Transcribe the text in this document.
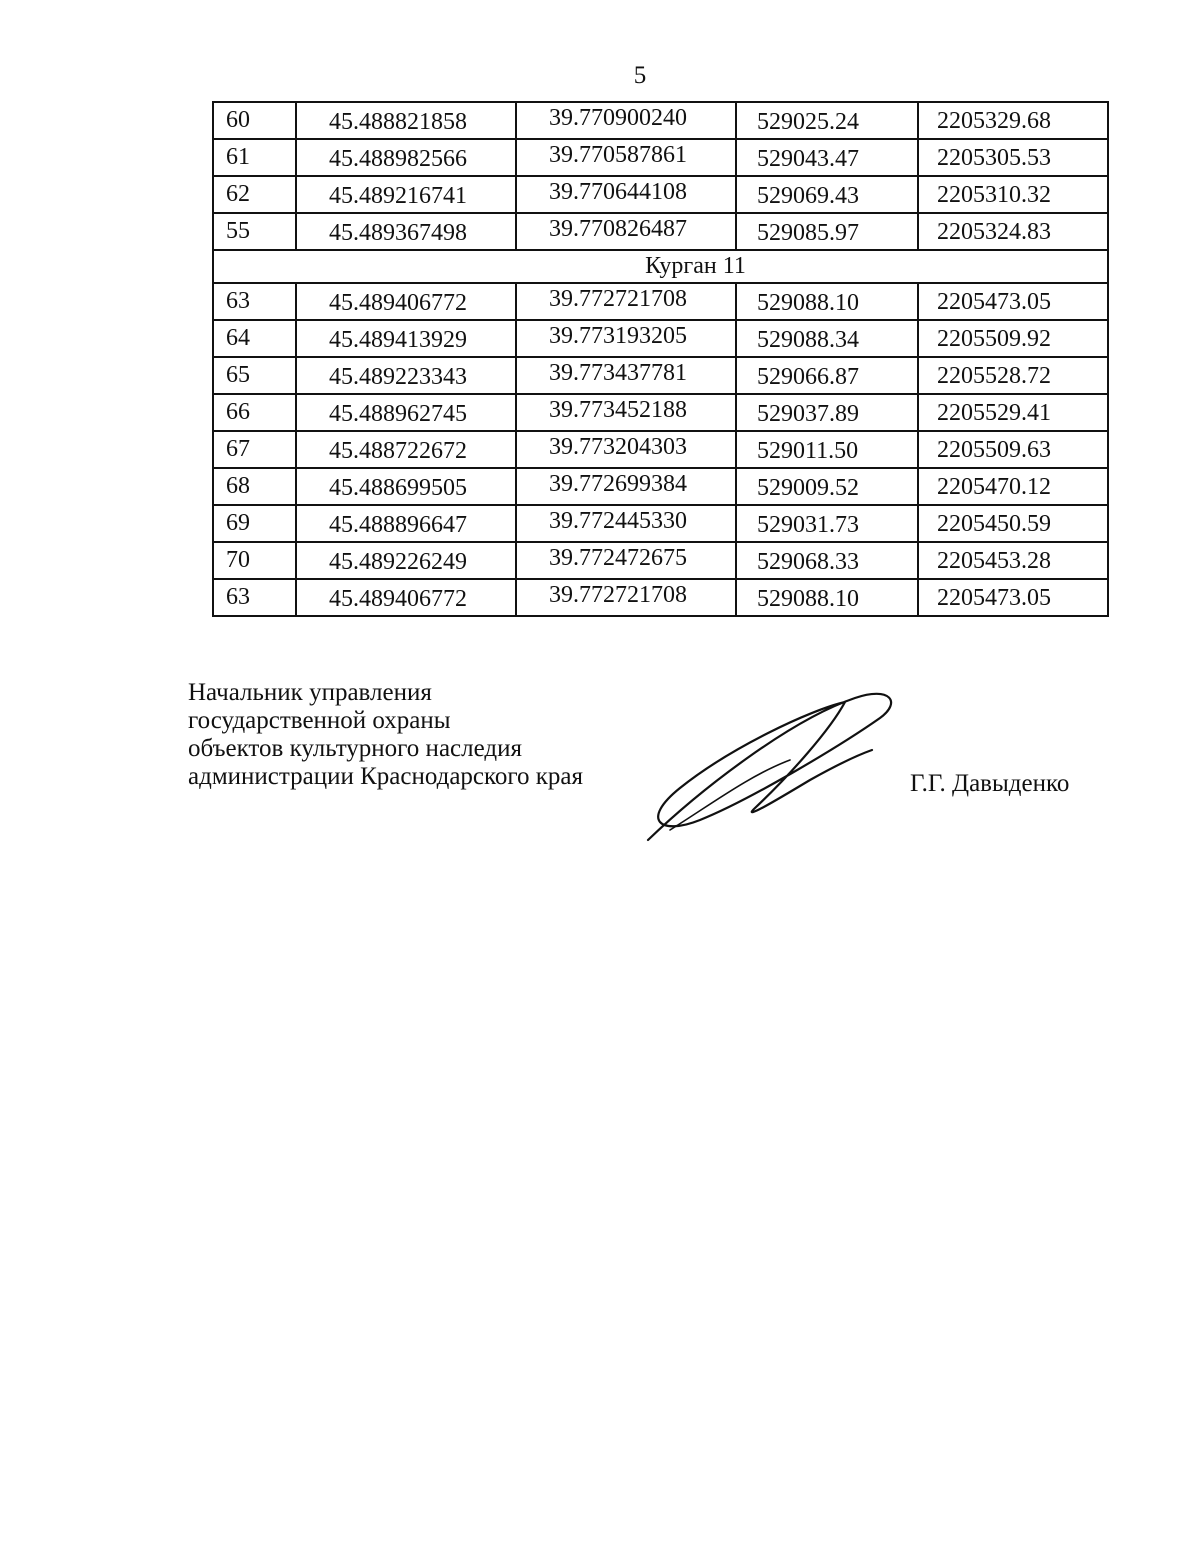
5
60	45.488821858	39.770900240	529025.24	2205329.68
61	45.488982566	39.770587861	529043.47	2205305.53
62	45.489216741	39.770644108	529069.43	2205310.32
55	45.489367498	39.770826487	529085.97	2205324.83
Курган 11				
63	45.489406772	39.772721708	529088.10	2205473.05
64	45.489413929	39.773193205	529088.34	2205509.92
65	45.489223343	39.773437781	529066.87	2205528.72
66	45.488962745	39.773452188	529037.89	2205529.41
67	45.488722672	39.773204303	529011.50	2205509.63
68	45.488699505	39.772699384	529009.52	2205470.12
69	45.488896647	39.772445330	529031.73	2205450.59
70	45.489226249	39.772472675	529068.33	2205453.28
63	45.489406772	39.772721708	529088.10	2205473.05
Начальник управления
государственной охраны
объектов культурного наследия
администрации Краснодарского края	Г.Г. Давыденко
